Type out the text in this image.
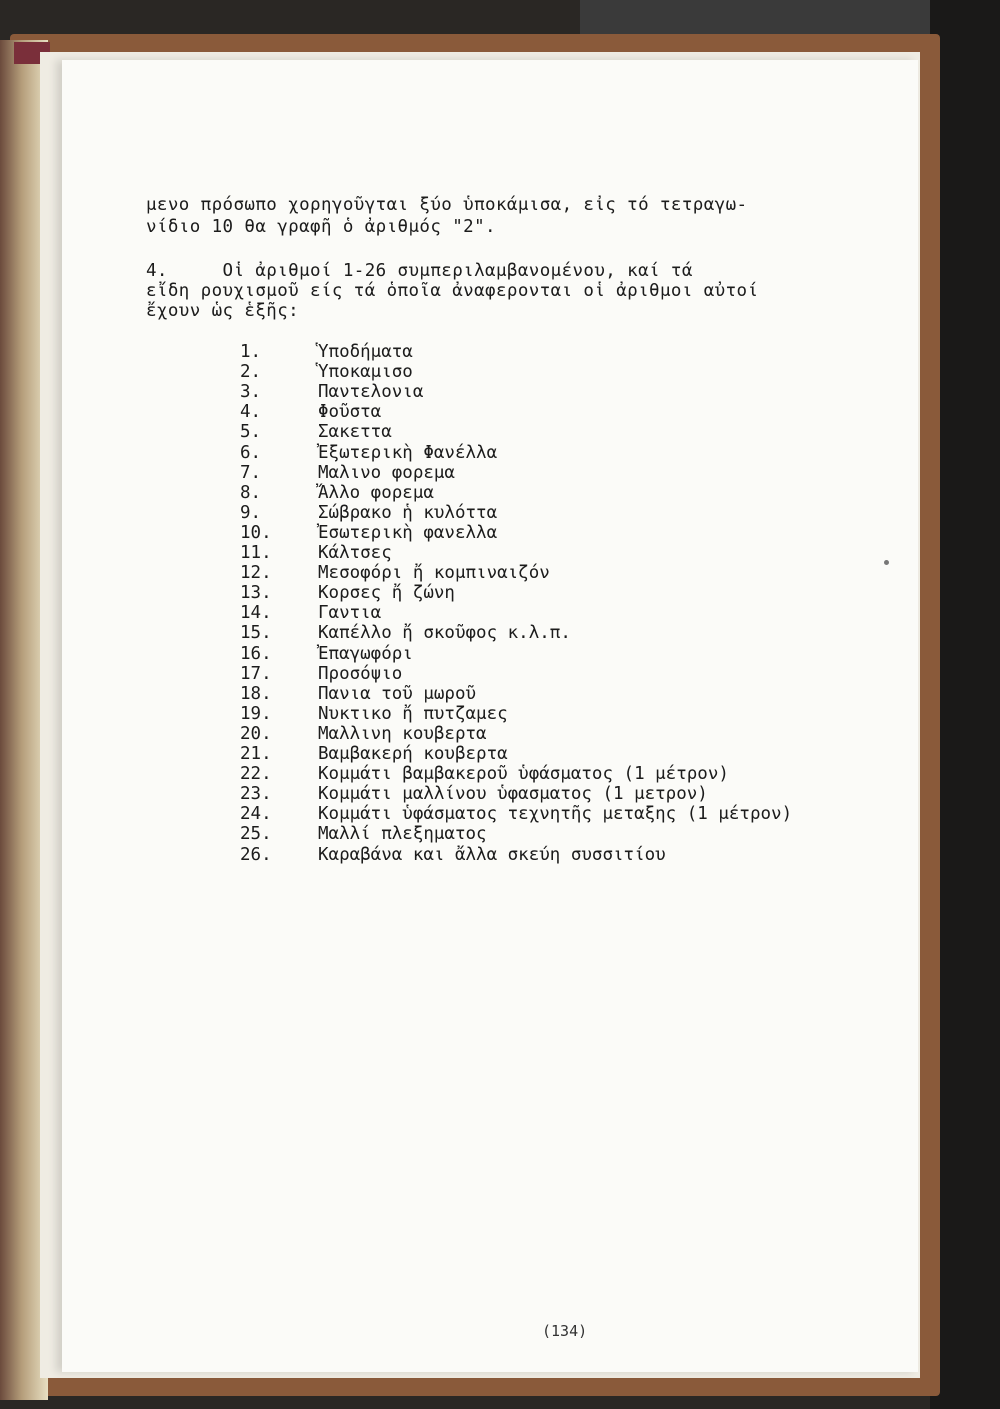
μενο πρόσωπο χορηγοῦγται ξύο ὑποκάμισα, εἰς τό τετραγω-
νίδιο 10 θα γραφῆ ὁ ἀριθμός "2".
4.     Οἱ ἀριθμοί 1-26 συμπεριλαμβανομένου, καί τά
εἴδη ρουχισμοῦ είς τά ὁποῖα ἀναφερονται οἱ ἀριθμοι αὐτοί
ἔχουν ὡς ἑξῆς:
1.	Ὑποδήματα
2.	Ὑποκαμισο
3.	Παντελονια
4.	Φοῦστα
5.	Σακεττα
6.	Ἐξωτερικὴ Φανέλλα
7.	Μαλινο φορεμα
8.	Ἄλλο φορεμα
9.	Σώβρακο ἡ κυλόττα
10.	Ἐσωτερικὴ φανελλα
11.	Κάλτσες
12.	Μεσοφόρι ἤ κομπιναιζόν
13.	Κορσες ἤ ζώνη
14.	Γαντια
15.	Καπέλλο ἤ σκοῦφος κ.λ.π.
16.	Ἐπαγωφόρι
17.	Προσόψιο
18.	Πανια τοῦ μωροῦ
19.	Νυκτικο ἤ πυτζαμες
20.	Μαλλινη κουβερτα
21.	Βαμβακερή κουβερτα
22.	Κομμάτι βαμβακεροῦ ὑφάσματος (1 μέτρον)
23.	Κομμάτι μαλλίνου ὑφασματος (1 μετρον)
24.	Κομμάτι ὑφάσματος τεχνητῆς μεταξης (1 μέτρον)
25.	Μαλλί πλεξηματος
26.	Καραβάνα και ἄλλα σκεύη συσσιτίου
(134)
